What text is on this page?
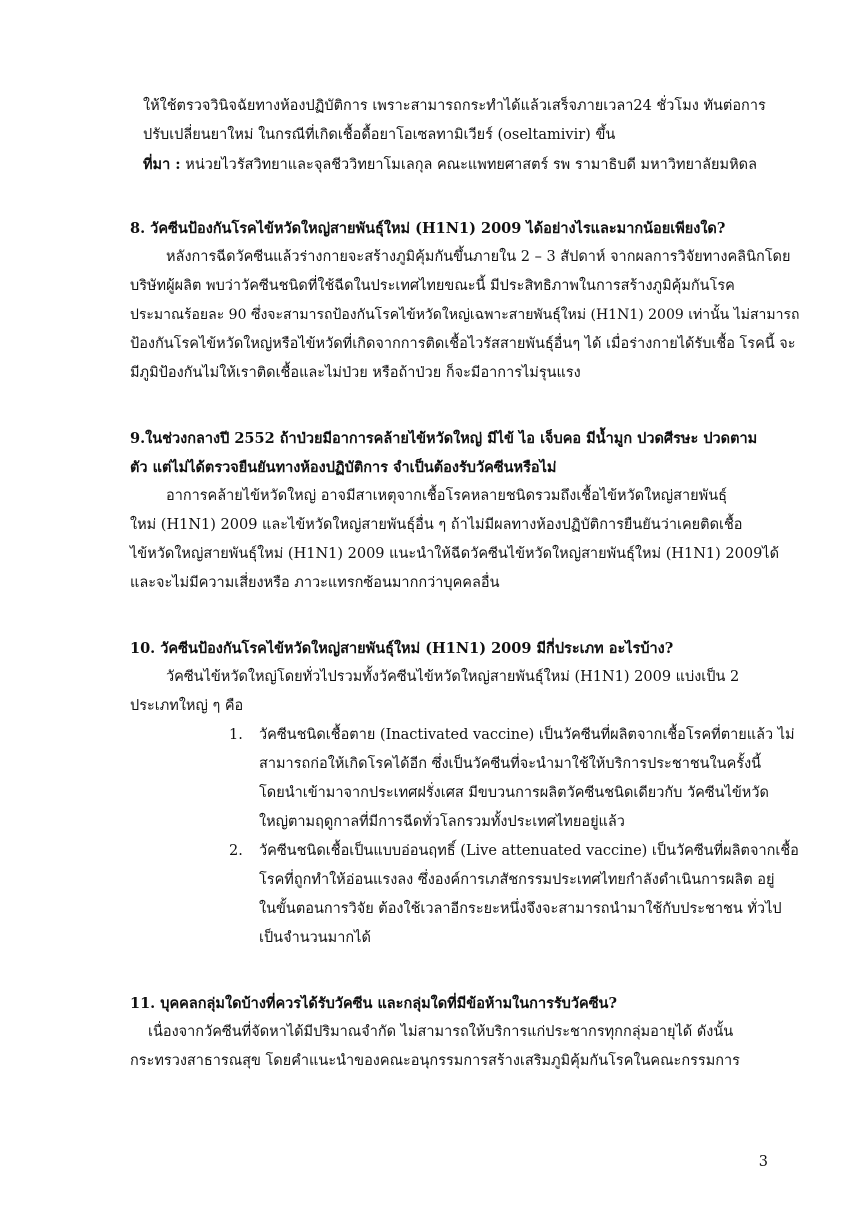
ให้ใช้ตรวจวินิจฉัยทางห้องปฏิบัติการ เพราะสามารถกระทำได้แล้วเสร็จภายเวลา24 ชั่วโมง ทันต่อการ
ปรับเปลี่ยนยาใหม่ ในกรณีที่เกิดเชื้อดื้อยาโอเซลทามิเวียร์ (oseltamivir) ขึ้น
ที่มา : หน่วยไวรัสวิทยาและจุลชีววิทยาโมเลกุล คณะแพทยศาสตร์ รพ รามาธิบดี มหาวิทยาลัยมหิดล
8. วัคซีนป้องกันโรคไข้หวัดใหญ่สายพันธุ์ใหม่ (H1N1) 2009 ได้อย่างไรและมากน้อยเพียงใด?
หลังการฉีดวัคซีนแล้วร่างกายจะสร้างภูมิคุ้มกันขึ้นภายใน 2 – 3 สัปดาห์ จากผลการวิจัยทางคลินิกโดย
บริษัทผู้ผลิต พบว่าวัคซีนชนิดที่ใช้ฉีดในประเทศไทยขณะนี้ มีประสิทธิภาพในการสร้างภูมิคุ้มกันโรค
ประมาณร้อยละ 90 ซึ่งจะสามารถป้องกันโรคไข้หวัดใหญ่เฉพาะสายพันธุ์ใหม่ (H1N1) 2009 เท่านั้น ไม่สามารถ
ป้องกันโรคไข้หวัดใหญ่หรือไข้หวัดที่เกิดจากการติดเชื้อไวรัสสายพันธุ์อื่นๆ ได้ เมื่อร่างกายได้รับเชื้อ โรคนี้ จะ
มีภูมิป้องกันไม่ให้เราติดเชื้อและไม่ป่วย หรือถ้าป่วย ก็จะมีอาการไม่รุนแรง
9.ในช่วงกลางปี 2552 ถ้าป่วยมีอาการคล้ายไข้หวัดใหญ่ มีไข้ ไอ เจ็บคอ มีน้ำมูก ปวดศีรษะ ปวดตาม
ตัว แต่ไม่ได้ตรวจยืนยันทางห้องปฏิบัติการ จำเป็นต้องรับวัคซีนหรือไม่
อาการคล้ายไข้หวัดใหญ่ อาจมีสาเหตุจากเชื้อโรคหลายชนิดรวมถึงเชื้อไข้หวัดใหญ่สายพันธุ์
ใหม่ (H1N1) 2009 และไข้หวัดใหญ่สายพันธุ์อื่น ๆ ถ้าไม่มีผลทางห้องปฏิบัติการยืนยันว่าเคยติดเชื้อ
ไข้หวัดใหญ่สายพันธุ์ใหม่ (H1N1) 2009 แนะนำให้ฉีดวัคซีนไข้หวัดใหญ่สายพันธุ์ใหม่ (H1N1) 2009ได้
และจะไม่มีความเสี่ยงหรือ ภาวะแทรกซ้อนมากกว่าบุคคลอื่น
10. วัคซีนป้องกันโรคไข้หวัดใหญ่สายพันธุ์ใหม่ (H1N1) 2009 มีกี่ประเภท อะไรบ้าง?
วัคซีนไข้หวัดใหญ่โดยทั่วไปรวมทั้งวัคซีนไข้หวัดใหญ่สายพันธุ์ใหม่ (H1N1) 2009 แบ่งเป็น 2
ประเภทใหญ่ ๆ คือ
1. วัคซีนชนิดเชื้อตาย (Inactivated vaccine) เป็นวัคซีนที่ผลิตจากเชื้อโรคที่ตายแล้ว ไม่
สามารถก่อให้เกิดโรคได้อีก ซึ่งเป็นวัคซีนที่จะนำมาใช้ให้บริการประชาชนในครั้งนี้
โดยนำเข้ามาจากประเทศฝรั่งเศส มีขบวนการผลิตวัคซีนชนิดเดียวกับ วัคซีนไข้หวัด
ใหญ่ตามฤดูกาลที่มีการฉีดทั่วโลกรวมทั้งประเทศไทยอยู่แล้ว
2. วัคซีนชนิดเชื้อเป็นแบบอ่อนฤทธิ์ (Live attenuated vaccine) เป็นวัคซีนที่ผลิตจากเชื้อ
โรคที่ถูกทำให้อ่อนแรงลง ซึ่งองค์การเภสัชกรรมประเทศไทยกำลังดำเนินการผลิต อยู่
ในขั้นตอนการวิจัย ต้องใช้เวลาอีกระยะหนึ่งจึงจะสามารถนำมาใช้กับประชาชน ทั่วไป
เป็นจำนวนมากได้
11. บุคคลกลุ่มใดบ้างที่ควรได้รับวัคซีน และกลุ่มใดที่มีข้อห้ามในการรับวัคซีน?
เนื่องจากวัคซีนที่จัดหาได้มีปริมาณจำกัด ไม่สามารถให้บริการแก่ประชากรทุกกลุ่มอายุได้ ดังนั้น
กระทรวงสาธารณสุข โดยคำแนะนำของคณะอนุกรรมการสร้างเสริมภูมิคุ้มกันโรคในคณะกรรมการ
3
